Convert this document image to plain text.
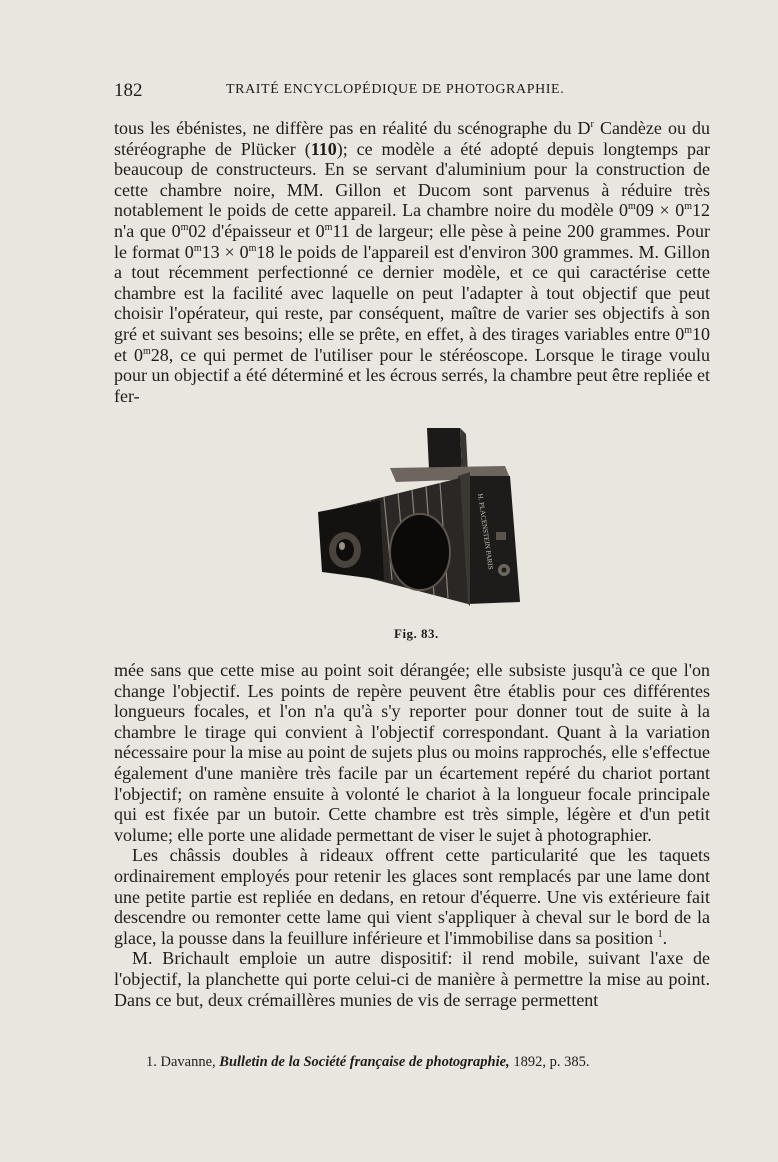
182	TRAITÉ ENCYCLOPÉDIQUE DE PHOTOGRAPHIE.

tous les ébénistes, ne diffère pas en réalité du scénographe du $D^r$ Candèze ou du stéréographe de Plücker (110); ce modèle a été adopté depuis longtemps par beaucoup de constructeurs. En se servant d'aluminium pour la construction de cette chambre noire, MM. Gillon et Ducom sont parvenus à réduire très notablement le poids de cette appareil. La chambre noire du modèle $0^m09 \times 0^m12$ n'a que 0$^m$02 d'épaisseur et 0$^m$11 de largeur; elle pèse à peine 200 grammes. Pour le format $0^m13 \times 0^m18$ le poids de l'appareil est d'environ 300 grammes. M. Gillon a tout récemment perfectionné ce dernier modèle, et ce qui caractérise cette chambre est la facilité avec laquelle on peut l'adapter à tout objectif que peut choisir l'opérateur, qui reste, par conséquent, maître de varier ses objectifs à son gré et suivant ses besoins; elle se prête, en effet, à des tirages variables entre 0$^m$10 et 0$^m$28, ce qui permet de l'utiliser pour le stéréoscope. Lorsque le tirage voulu pour un objectif a été déterminé et les écrous serrés, la chambre peut être repliée et fer-

H. PLACENSTEIN PARIS
Fig. 83.

mée sans que cette mise au point soit dérangée; elle subsiste jusqu'à ce que l'on change l'objectif. Les points de repère peuvent être établis pour ces différentes longueurs focales, et l'on n'a qu'à s'y reporter pour donner tout de suite à la chambre le tirage qui convient à l'objectif correspondant. Quant à la variation nécessaire pour la mise au point de sujets plus ou moins rapprochés, elle s'effectue également d'une manière très facile par un écartement repéré du chariot portant l'objectif; on ramène ensuite à volonté le chariot à la longueur focale principale qui est fixée par un butoir. Cette chambre est très simple, légère et d'un petit volume; elle porte une alidade permettant de viser le sujet à photographier.

Les châssis doubles à rideaux offrent cette particularité que les taquets ordinairement employés pour retenir les glaces sont remplacés par une lame dont une petite partie est repliée en dedans, en retour d'équerre. Une vis extérieure fait descendre ou remonter cette lame qui vient s'appliquer à cheval sur le bord de la glace, la pousse dans la feuillure inférieure et l'immobilise dans sa position $^1$.

M. Brichault emploie un autre dispositif: il rend mobile, suivant l'axe de l'objectif, la planchette qui porte celui-ci de manière à permettre la mise au point. Dans ce but, deux crémaillères munies de vis de serrage permettent

1. Davanne, Bulletin de la Société française de photographie, 1892, p. 385.
